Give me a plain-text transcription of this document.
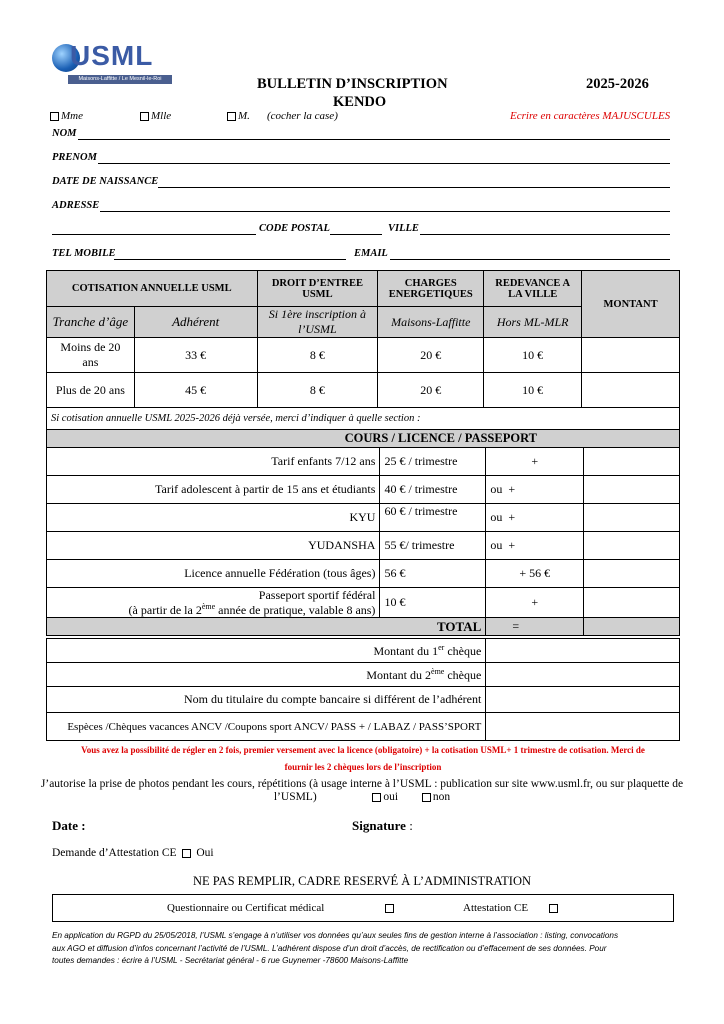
USML
Maisons-Laffitte / Le Mesnil-le-Roi	BULLETIN D’INSCRIPTION
KENDO
2025-2026
Mme	Mlle	M. (cocher la case)	Ecrire en caractères MAJUSCULES
NOM
PRENOM
DATE DE NAISSANCE
ADRESSE
CODE POSTAL	VILLE
TEL MOBILE	EMAIL
COTISATION ANNUELLE USML		DROIT D’ENTREE USML	CHARGES ENERGETIQUES	REDEVANCE A LA VILLE	MONTANT
Tranche d’âge	Adhérent	Si 1ère inscription à l’USML	Maisons-Laffitte	Hors ML-MLR	
Moins de 20 ans	33 €	8 €	20 €	10 €	
Plus de 20 ans	45 €	8 €	20 €	10 €	
Si cotisation annuelle USML 2025-2026 déjà versée, merci d’indiquer à quelle section :					
COURS / LICENCE / PASSEPORT			
Tarif enfants 7/12 ans	25 € / trimestre	+	
Tarif adolescent à partir de 15 ans et étudiants	40 € / trimestre	ou +	
KYU	60 € / trimestre	ou +	
YUDANSHA	55 €/ trimestre	ou +	
Licence annuelle Fédération (tous âges)	56 €	+ 56 €	
Passeport sportif fédéral
(à partir de la 2ème année de pratique, valable 8 ans)	10 €	+	
TOTAL		=	
Montant du 1er chèque	
Montant du 2ème chèque	
Nom du titulaire du compte bancaire si différent de l’adhérent	
Espèces /Chèques vacances ANCV /Coupons sport ANCV/ PASS + / LABAZ / PASS’SPORT	
Vous avez la possibilité de régler en 2 fois, premier versement avec la licence (obligatoire) + la cotisation USML+ 1 trimestre de cotisation. Merci de
fournir les 2 chèques lors de l’inscription
J’autorise la prise de photos pendant les cours, répétitions (à usage interne à l’USML : publication sur site www.usml.fr, ou sur plaquette de
l’USML)	oui	non
Date :	Signature :
Demande d’Attestation CE Oui
NE PAS REMPLIR, CADRE RESERVÉ À L’ADMINISTRATION
Questionnaire ou Certificat médical	Attestation CE
En application du RGPD du 25/05/2018, l’USML s’engage à n’utiliser vos données qu’aux seules fins de gestion interne à l’association : listing, convocations
aux AGO et diffusion d’infos concernant l’activité de l’USML. L’adhérent dispose d’un droit d’accès, de rectification ou d’effacement de ses données. Pour
toutes demandes : écrire à l’USML - Secrétariat général - 6 rue Guynemer -78600 Maisons-Laffitte
